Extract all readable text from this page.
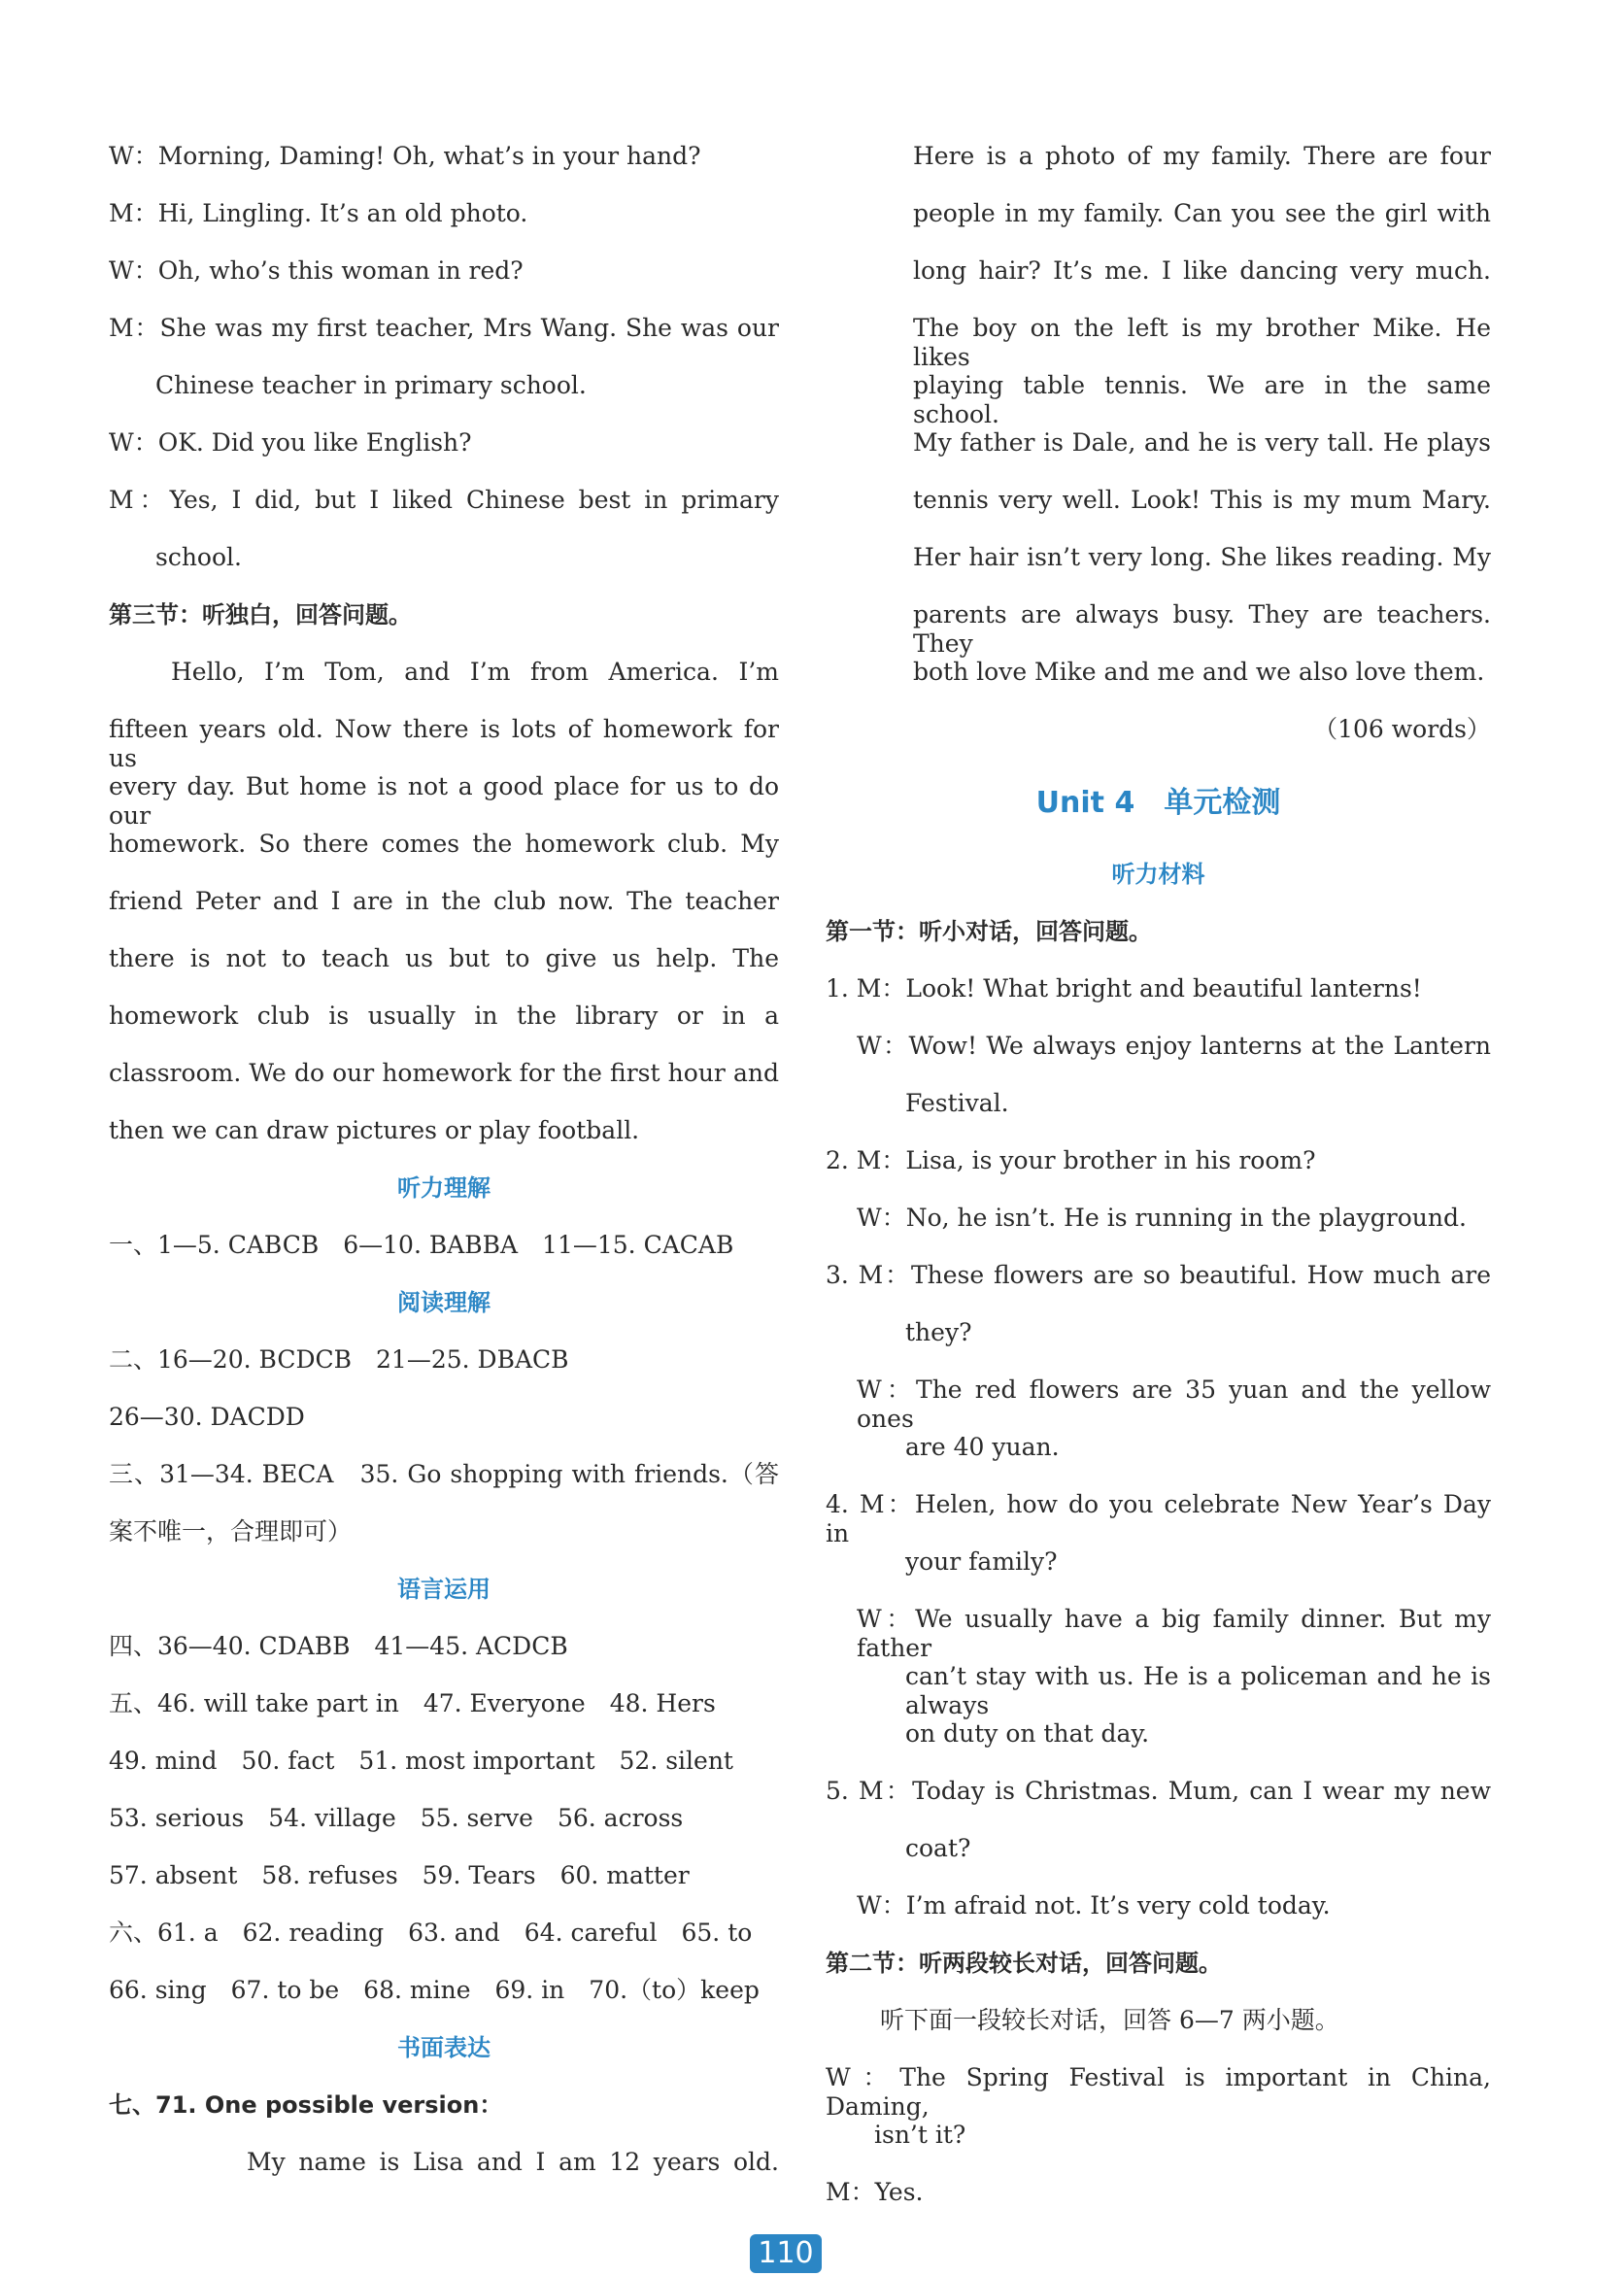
W：Morning, Daming! Oh, what’s in your hand?
M：Hi, Lingling. It’s an old photo.
W：Oh, who’s this woman in red?
M：She was my first teacher, Mrs Wang. She was our
Chinese teacher in primary school.
W：OK. Did you like English?
M：Yes, I did, but I liked Chinese best in primary
school.
第三节：听独白，回答问题。
Hello, I’m Tom, and I’m from America. I’m
fifteen years old. Now there is lots of homework for us
every day. But home is not a good place for us to do our
homework. So there comes the homework club. My
friend Peter and I are in the club now. The teacher
there is not to teach us but to give us help. The
homework club is usually in the library or in a
classroom. We do our homework for the first hour and
then we can draw pictures or play football.
听力理解
一、1—5. CABCB　6—10. BABBA　11—15. CACAB
阅读理解
二、16—20. BCDCB　21—25. DBACB
26—30. DACDD
三、31—34. BECA　35. Go shopping with friends.（答
案不唯一，合理即可）
语言运用
四、36—40. CDABB　41—45. ACDCB
五、46. will take part in　47. Everyone　48. Hers
49. mind　50. fact　51. most important　52. silent
53. serious　54. village　55. serve　56. across
57. absent　58. refuses　59. Tears　60. matter
六、61. a　62. reading　63. and　64. careful　65. to
66. sing　67. to be　68. mine　69. in　70.（to）keep
书面表达
七、71. One possible version：
My name is Lisa and I am 12 years old.
Here is a photo of my family. There are four
people in my family. Can you see the girl with
long hair? It’s me. I like dancing very much.
The boy on the left is my brother Mike. He likes
playing table tennis. We are in the same school.
My father is Dale, and he is very tall. He plays
tennis very well. Look! This is my mum Mary.
Her hair isn’t very long. She likes reading. My
parents are always busy. They are teachers. They
both love Mike and me and we also love them.
（106 words）
Unit 4　单元检测
听力材料
第一节：听小对话，回答问题。
1. M：Look! What bright and beautiful lanterns!
W：Wow! We always enjoy lanterns at the Lantern
Festival.
2. M：Lisa, is your brother in his room?
W：No, he isn’t. He is running in the playground.
3. M：These flowers are so beautiful. How much are
they?
W：The red flowers are 35 yuan and the yellow ones
are 40 yuan.
4. M：Helen, how do you celebrate New Year’s Day in
your family?
W：We usually have a big family dinner. But my father
can’t stay with us. He is a policeman and he is always
on duty on that day.
5. M：Today is Christmas. Mum, can I wear my new
coat?
W：I’m afraid not. It’s very cold today.
第二节：听两段较长对话，回答问题。
听下面一段较长对话，回答 6—7 两小题。
W：The Spring Festival is important in China, Daming,
isn’t it?
M：Yes.
110
